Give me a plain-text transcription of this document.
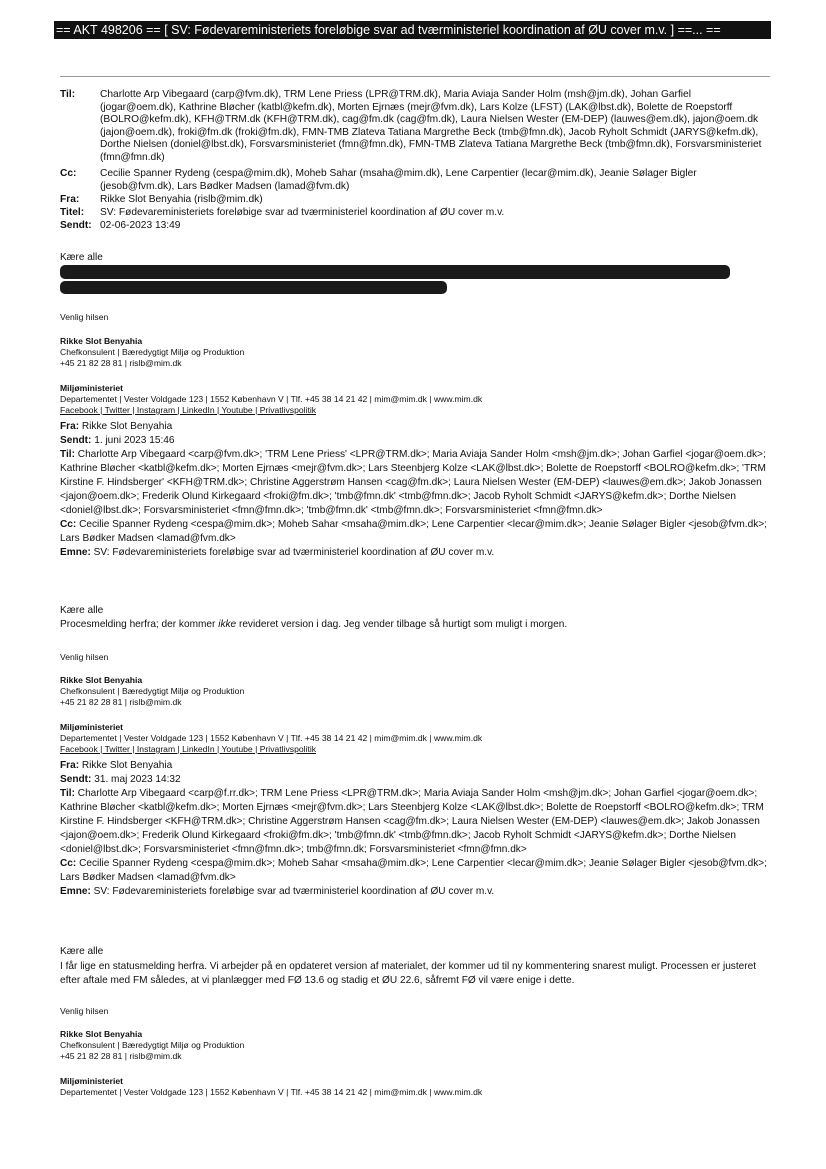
== AKT 498206 == [ SV: Fødevareministeriets foreløbige svar ad tværministeriel koordination af ØU cover m.v. ] ==... ==
Til: Charlotte Arp Vibegaard (carp@fvm.dk), TRM Lene Priess (LPR@TRM.dk), Maria Aviaja Sander Holm (msh@jm.dk), Johan Garfiel (jogar@oem.dk), Kathrine Bløcher (katbl@kefm.dk), Morten Ejrnæs (mejr@fvm.dk), Lars Kolze (LFST) (LAK@lbst.dk), Bolette de Roepstorff (BOLRO@kefm.dk), KFH@TRM.dk (KFH@TRM.dk), cag@fm.dk (cag@fm.dk), Laura Nielsen Wester (EM-DEP) (lauwes@em.dk), jajon@oem.dk (jajon@oem.dk), froki@fm.dk (froki@fm.dk), FMN-TMB Zlateva Tatiana Margrethe Beck (tmb@fmn.dk), Jacob Ryholt Schmidt (JARYS@kefm.dk), Dorthe Nielsen (doniel@lbst.dk), Forsvarsministeriet (fmn@fmn.dk), FMN-TMB Zlateva Tatiana Margrethe Beck (tmb@fmn.dk), Forsvarsministeriet (fmn@fmn.dk)
Cc: Cecilie Spanner Rydeng (cespa@mim.dk), Moheb Sahar (msaha@mim.dk), Lene Carpentier (lecar@mim.dk), Jeanie Sølager Bigler (jesob@fvm.dk), Lars Bødker Madsen (lamad@fvm.dk)
Fra: Rikke Slot Benyahia (rislb@mim.dk)
Titel: SV: Fødevareministeriets foreløbige svar ad tværministeriel koordination af ØU cover m.v.
Sendt: 02-06-2023 13:49
Kære alle
Venlig hilsen
Rikke Slot Benyahia
Chefkonsulent | Bæredygtigt Miljø og Produktion
+45 21 82 28 81 | rislb@mim.dk
Miljøministeriet
Departementet | Vester Voldgade 123 | 1552 København V | Tlf. +45 38 14 21 42 | mim@mim.dk | www.mim.dk
Facebook | Twitter | Instagram | LinkedIn | Youtube | Privatlivspolitik
Fra: Rikke Slot Benyahia
Sendt: 1. juni 2023 15:46
Til: Charlotte Arp Vibegaard <carp@fvm.dk>; 'TRM Lene Priess' <LPR@TRM.dk>; Maria Aviaja Sander Holm <msh@jm.dk>; Johan Garfiel <jogar@oem.dk>; Kathrine Bløcher <katbl@kefm.dk>; Morten Ejrnæs <mejr@fvm.dk>; Lars Steenbjerg Kolze <LAK@lbst.dk>; Bolette de Roepstorff <BOLRO@kefm.dk>; 'TRM Kirstine F. Hindsberger' <KFH@TRM.dk>; Christine Aggerstrøm Hansen <cag@fm.dk>; Laura Nielsen Wester (EM-DEP) <lauwes@em.dk>; Jakob Jonassen <jajon@oem.dk>; Frederik Olund Kirkegaard <froki@fm.dk>; 'tmb@fmn.dk' <tmb@fmn.dk>; Jacob Ryholt Schmidt <JARYS@kefm.dk>; Dorthe Nielsen <doniel@lbst.dk>; Forsvarsministeriet <fmn@fmn.dk>; 'tmb@fmn.dk' <tmb@fmn.dk>; Forsvarsministeriet <fmn@fmn.dk>
Cc: Cecilie Spanner Rydeng <cespa@mim.dk>; Moheb Sahar <msaha@mim.dk>; Lene Carpentier <lecar@mim.dk>; Jeanie Sølager Bigler <jesob@fvm.dk>; Lars Bødker Madsen <lamad@fvm.dk>
Emne: SV: Fødevareministeriets foreløbige svar ad tværministeriel koordination af ØU cover m.v.
Kære alle
Procesmelding herfra; der kommer ikke revideret version i dag. Jeg vender tilbage så hurtigt som muligt i morgen.
Venlig hilsen
Rikke Slot Benyahia
Chefkonsulent | Bæredygtigt Miljø og Produktion
+45 21 82 28 81 | rislb@mim.dk
Miljøministeriet
Departementet | Vester Voldgade 123 | 1552 København V | Tlf. +45 38 14 21 42 | mim@mim.dk | www.mim.dk
Facebook | Twitter | Instagram | LinkedIn | Youtube | Privatlivspolitik
Fra: Rikke Slot Benyahia
Sendt: 31. maj 2023 14:32
Til: Charlotte Arp Vibegaard <carp@f.rr.dk>; TRM Lene Priess <LPR@TRM.dk>; Maria Aviaja Sander Holm <msh@jm.dk>; Johan Garfiel <jogar@oem.dk>; Kathrine Bløcher <katbl@kefm.dk>; Morten Ejrnæs <mejr@fvm.dk>; Lars Steenbjerg Kolze <LAK@lbst.dk>; Bolette de Roepstorff <BOLRO@kefm.dk>; TRM Kirstine F. Hindsberger <KFH@TRM.dk>; Christine Aggerstrøm Hansen <cag@fm.dk>; Laura Nielsen Wester (EM-DEP) <lauwes@em.dk>; Jakob Jonassen <jajon@oem.dk>; Frederik Olund Kirkegaard <froki@fm.dk>; 'tmb@fmn.dk' <tmb@fmn.dk>; Jacob Ryholt Schmidt <JARYS@kefm.dk>; Dorthe Nielsen <doniel@lbst.dk>; Forsvarsministeriet <fmn@fmn.dk>; tmb@fmn.dk; Forsvarsministeriet <fmn@fmn.dk>
Cc: Cecilie Spanner Rydeng <cespa@mim.dk>; Moheb Sahar <msaha@mim.dk>; Lene Carpentier <lecar@mim.dk>; Jeanie Sølager Bigler <jesob@fvm.dk>; Lars Bødker Madsen <lamad@fvm.dk>
Emne: SV: Fødevareministeriets foreløbige svar ad tværministeriel koordination af ØU cover m.v.
Kære alle
I får lige en statusmelding herfra. Vi arbejder på en opdateret version af materialet, der kommer ud til ny kommentering snarest muligt. Processen er justeret efter aftale med FM således, at vi planlægger med FØ 13.6 og stadig et ØU 22.6, såfremt FØ vil være enige i dette.
Venlig hilsen
Rikke Slot Benyahia
Chefkonsulent | Bæredygtigt Miljø og Produktion
+45 21 82 28 81 | rislb@mim.dk
Miljøministeriet
Departementet | Vester Voldgade 123 | 1552 København V | Tlf. +45 38 14 21 42 | mim@mim.dk | www.mim.dk
